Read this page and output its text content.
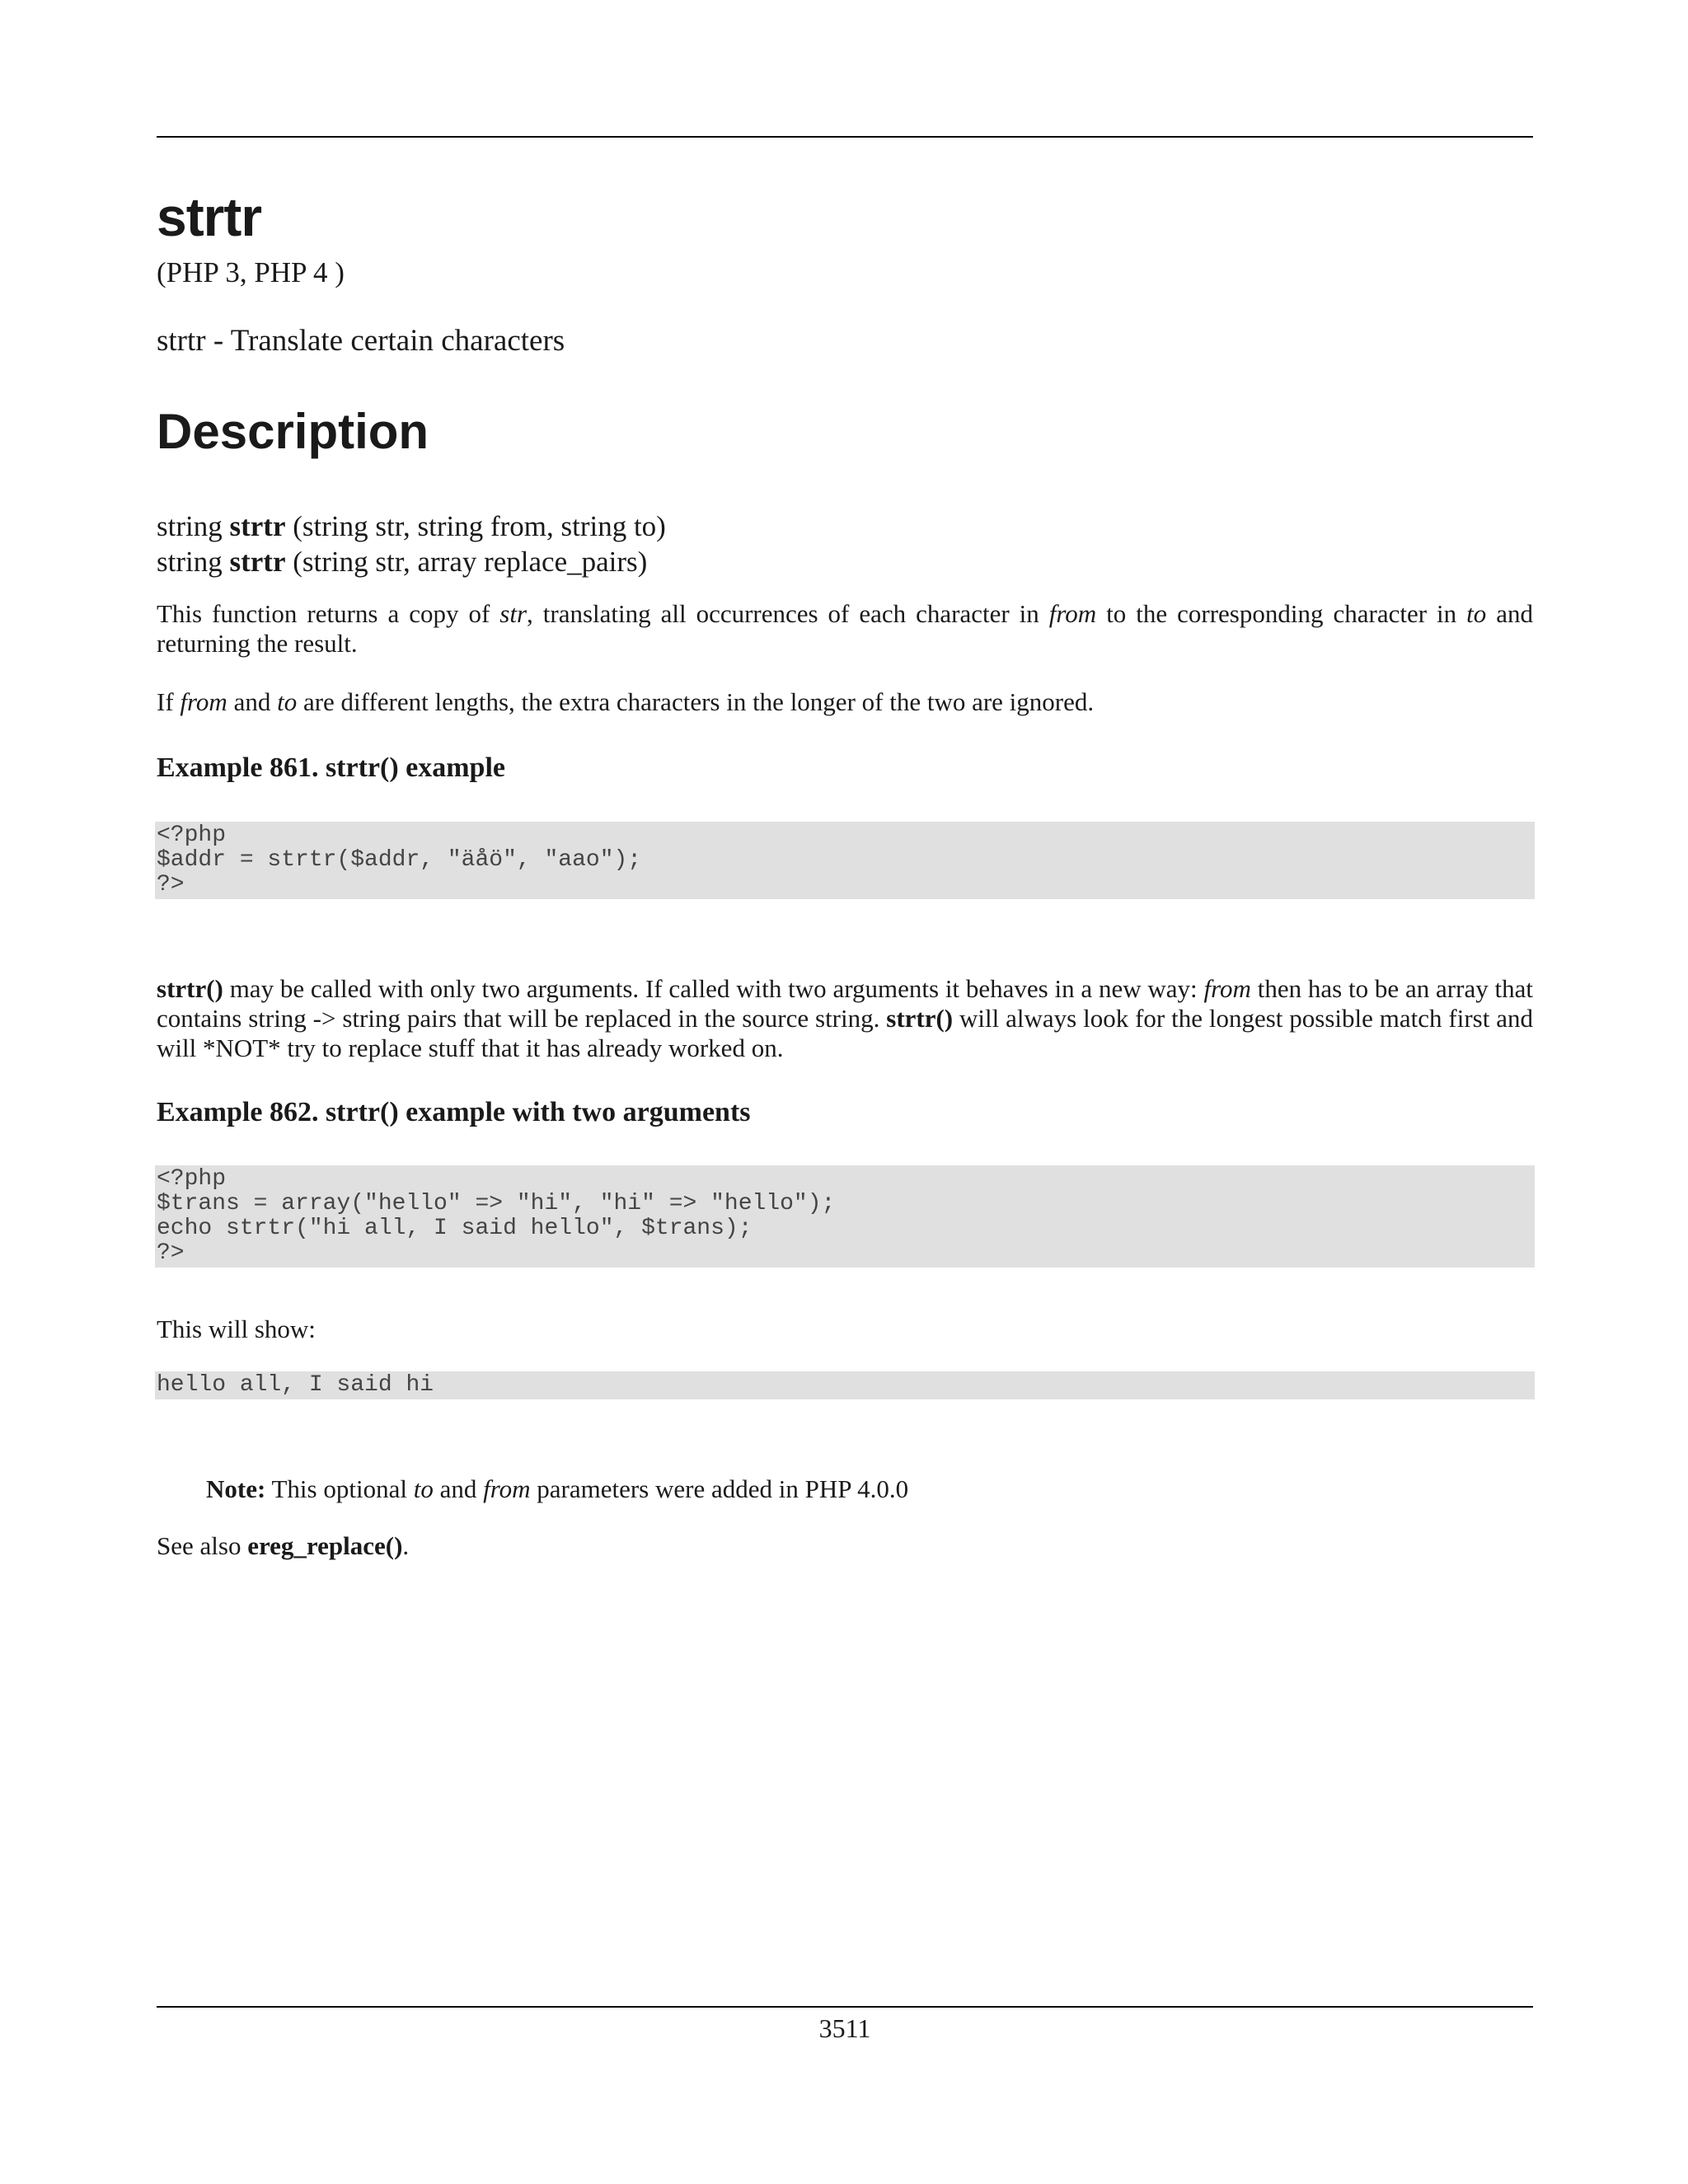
strtr
(PHP 3, PHP 4 )
strtr - Translate certain characters
Description
string strtr (string str, string from, string to)
string strtr (string str, array replace_pairs)
This function returns a copy of str, translating all occurrences of each character in from to the corresponding character in to and returning the result.
If from and to are different lengths, the extra characters in the longer of the two are ignored.
Example 861. strtr() example
<?php
$addr = strtr($addr, "äåö", "aao");
?>
strtr() may be called with only two arguments. If called with two arguments it behaves in a new way: from then has to be an array that contains string -> string pairs that will be replaced in the source string. strtr() will always look for the longest possible match first and will *NOT* try to replace stuff that it has already worked on.
Example 862. strtr() example with two arguments
<?php
$trans = array("hello" => "hi", "hi" => "hello");
echo strtr("hi all, I said hello", $trans);
?>
This will show:
hello all, I said hi
Note: This optional to and from parameters were added in PHP 4.0.0
See also ereg_replace().
3511
